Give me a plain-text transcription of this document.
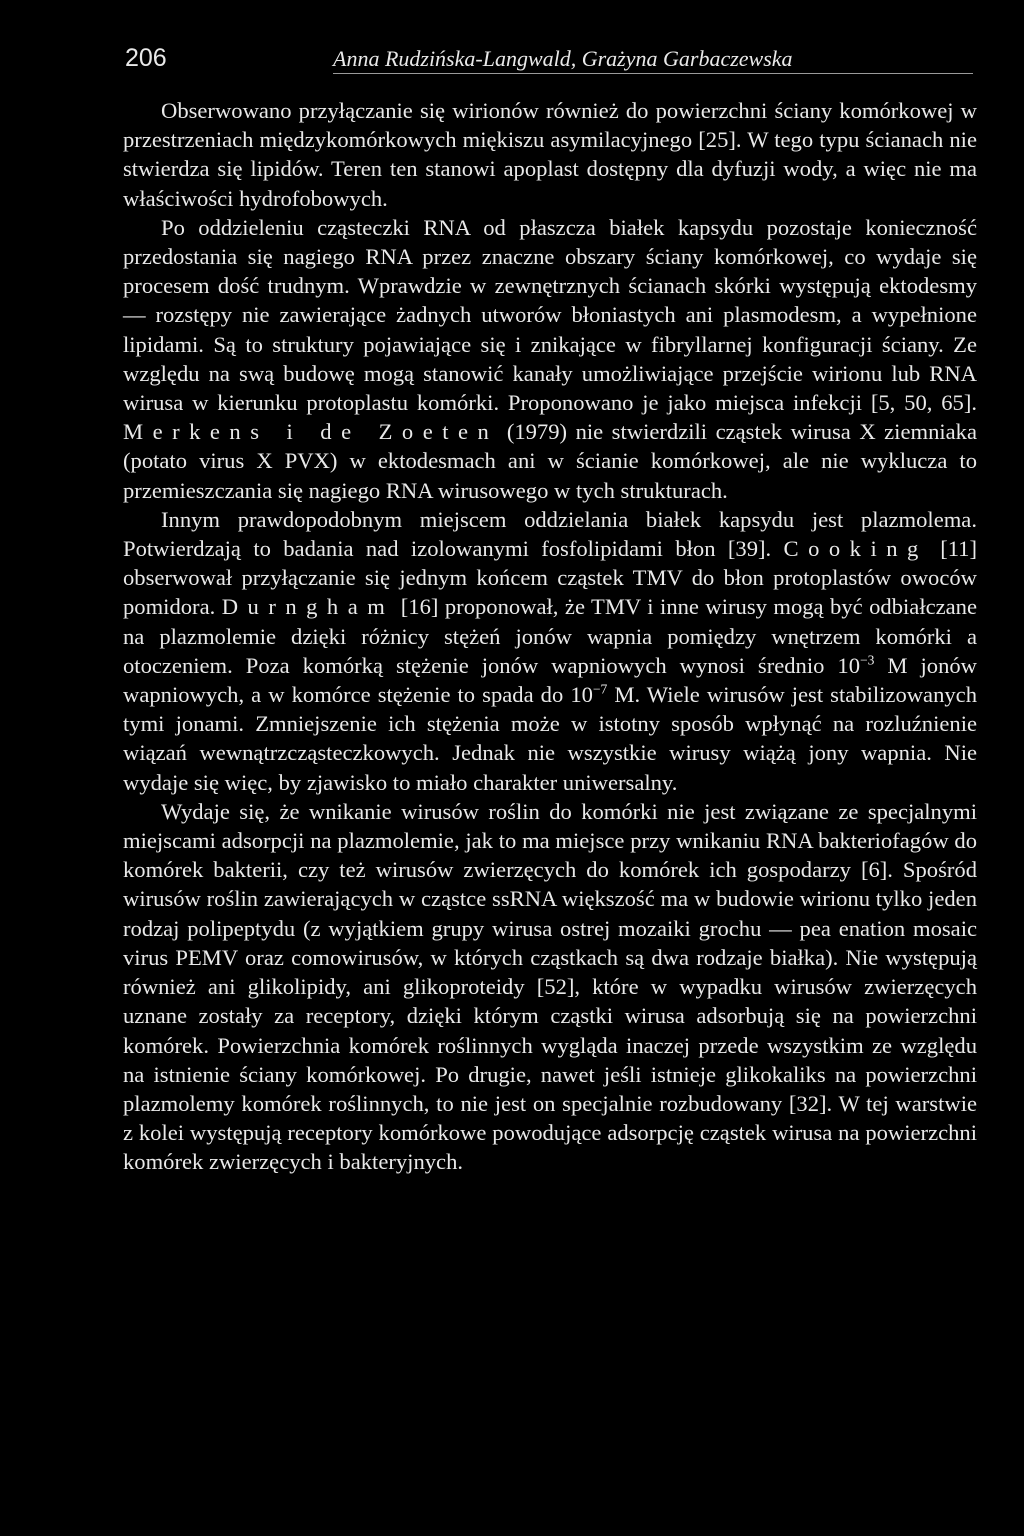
206	Anna Rudzińska-Langwald, Grażyna Garbaczewska

Obserwowano przyłączanie się wirionów również do powierzchni ściany komórkowej w przestrzeniach międzykomórkowych miękiszu asymilacyjnego [25]. W tego typu ścianach nie stwierdza się lipidów. Teren ten stanowi apoplast dostępny dla dyfuzji wody, a więc nie ma właściwości hydrofobowych.

Po oddzieleniu cząsteczki RNA od płaszcza białek kapsydu pozostaje konieczność przedostania się nagiego RNA przez znaczne obszary ściany komórkowej, co wydaje się procesem dość trudnym. Wprawdzie w zewnętrznych ścianach skórki występują ektodesmy — rozstępy nie zawierające żadnych utworów błoniastych ani plasmodesm, a wypełnione lipidami. Są to struktury pojawiające się i znikające w fibryllarnej konfiguracji ściany. Ze względu na swą budowę mogą stanowić kanały umożliwiające przejście wirionu lub RNA wirusa w kierunku protoplastu komórki. Proponowano je jako miejsca infekcji [5, 50, 65]. Merkens i de Zoeten (1979) nie stwierdzili cząstek wirusa X ziemniaka (potato virus X PVX) w ektodesmach ani w ścianie komórkowej, ale nie wyklucza to przemieszczania się nagiego RNA wirusowego w tych strukturach.

Innym prawdopodobnym miejscem oddzielania białek kapsydu jest plazmolema. Potwierdzają to badania nad izolowanymi fosfolipidami błon [39]. Cooking [11] obserwował przyłączanie się jednym końcem cząstek TMV do błon protoplastów owoców pomidora. Durngham [16] proponował, że TMV i inne wirusy mogą być odbiałczane na plazmolemie dzięki różnicy stężeń jonów wapnia pomiędzy wnętrzem komórki a otoczeniem. Poza komórką stężenie jonów wapniowych wynosi średnio $10^{-3}$ M jonów wapniowych, a w komórce stężenie to spada do $10^{-7}$ M. Wiele wirusów jest stabilizowanych tymi jonami. Zmniejszenie ich stężenia może w istotny sposób wpłynąć na rozluźnienie wiązań wewnątrzcząsteczkowych. Jednak nie wszystkie wirusy wiążą jony wapnia. Nie wydaje się więc, by zjawisko to miało charakter uniwersalny.

Wydaje się, że wnikanie wirusów roślin do komórki nie jest związane ze specjalnymi miejscami adsorpcji na plazmolemie, jak to ma miejsce przy wnikaniu RNA bakteriofagów do komórek bakterii, czy też wirusów zwierzęcych do komórek ich gospodarzy [6]. Spośród wirusów roślin zawierających w cząstce ssRNA większość ma w budowie wirionu tylko jeden rodzaj polipeptydu (z wyjątkiem grupy wirusa ostrej mozaiki grochu — pea enation mosaic virus PEMV oraz comowirusów, w których cząstkach są dwa rodzaje białka). Nie występują również ani glikolipidy, ani glikoproteidy [52], które w wypadku wirusów zwierzęcych uznane zostały za receptory, dzięki którym cząstki wirusa adsorbują się na powierzchni komórek. Powierzchnia komórek roślinnych wygląda inaczej przede wszystkim ze względu na istnienie ściany komórkowej. Po drugie, nawet jeśli istnieje glikokaliks na powierzchni plazmolemy komórek roślinnych, to nie jest on specjalnie rozbudowany [32]. W tej warstwie z kolei występują receptory komórkowe powodujące adsorpcję cząstek wirusa na powierzchni komórek zwierzęcych i bakteryjnych.
